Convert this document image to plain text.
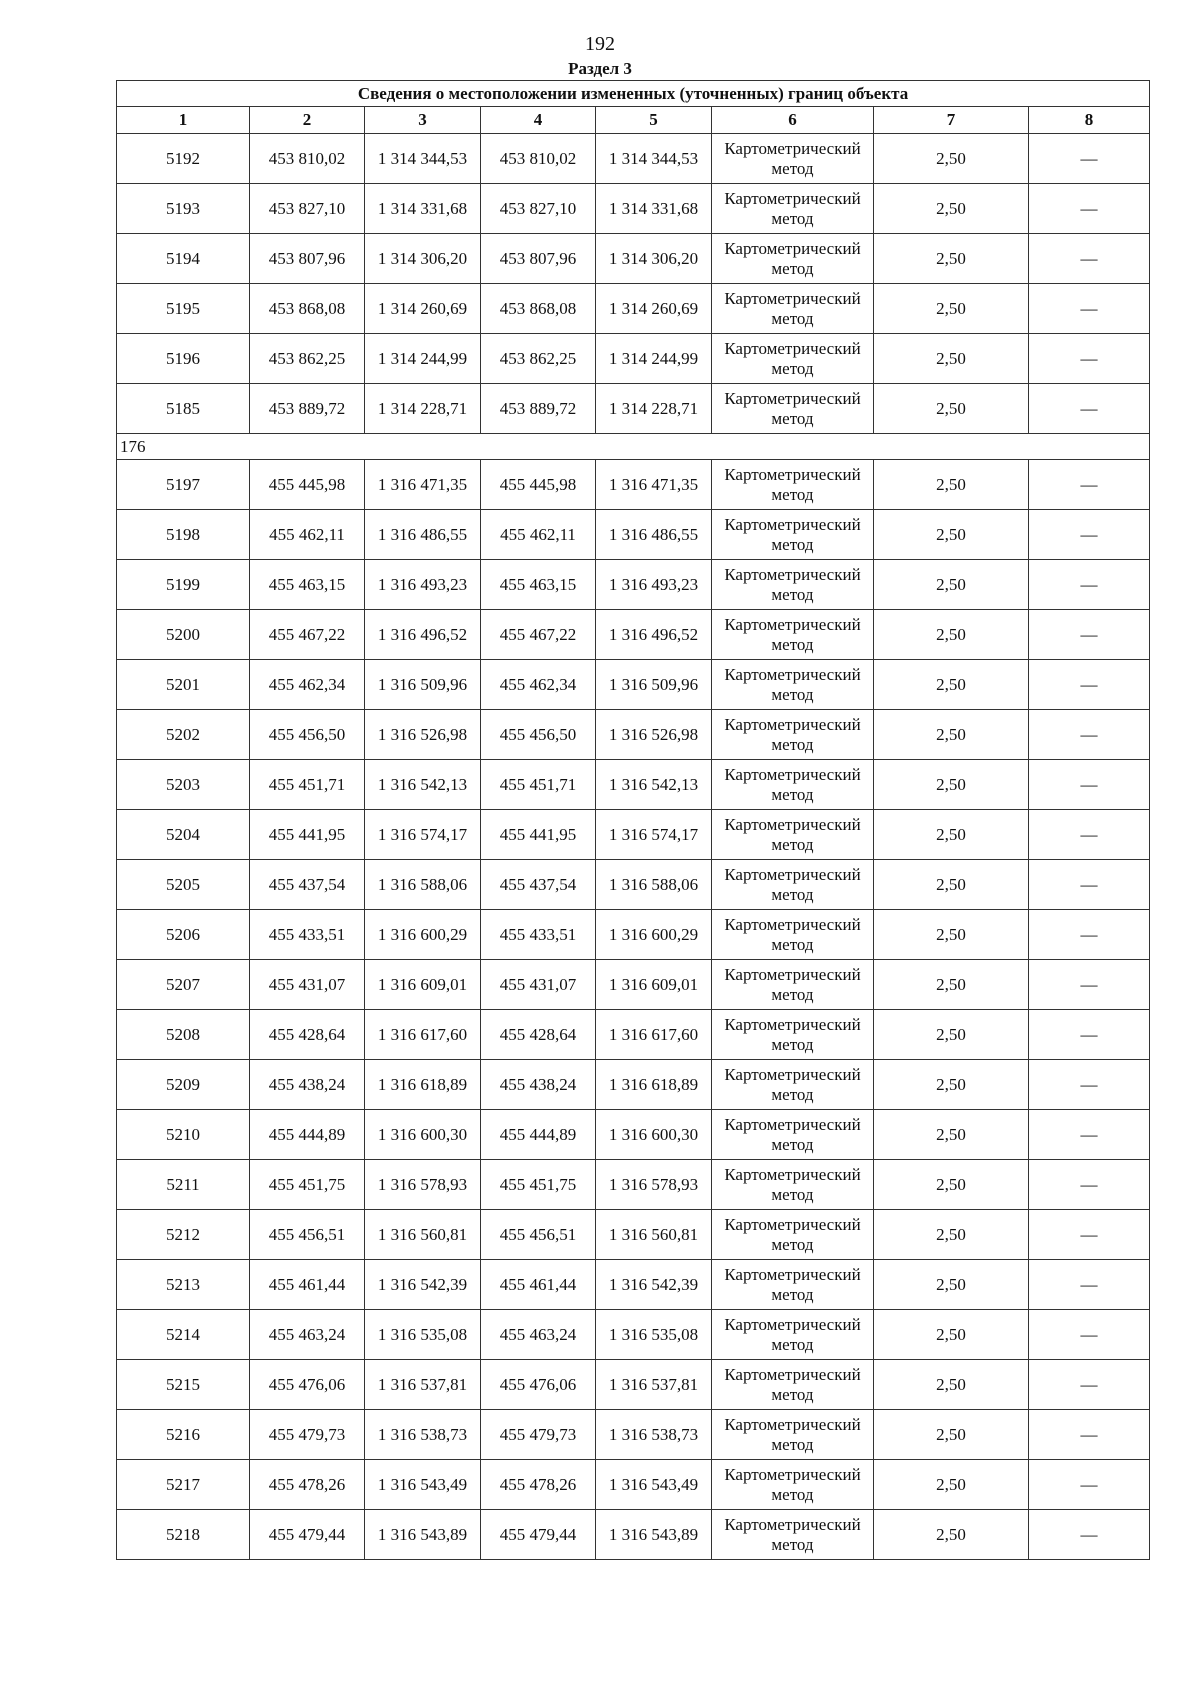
192
Раздел 3
Сведения о местоположении измененных (уточненных) границ объекта							
1	2	3	4	5	6	7	8
5192	453 810,02	1 314 344,53	453 810,02	1 314 344,53	Картометрический метод	2,50	—
5193	453 827,10	1 314 331,68	453 827,10	1 314 331,68	Картометрический метод	2,50	—
5194	453 807,96	1 314 306,20	453 807,96	1 314 306,20	Картометрический метод	2,50	—
5195	453 868,08	1 314 260,69	453 868,08	1 314 260,69	Картометрический метод	2,50	—
5196	453 862,25	1 314 244,99	453 862,25	1 314 244,99	Картометрический метод	2,50	—
5185	453 889,72	1 314 228,71	453 889,72	1 314 228,71	Картометрический метод	2,50	—
176							
5197	455 445,98	1 316 471,35	455 445,98	1 316 471,35	Картометрический метод	2,50	—
5198	455 462,11	1 316 486,55	455 462,11	1 316 486,55	Картометрический метод	2,50	—
5199	455 463,15	1 316 493,23	455 463,15	1 316 493,23	Картометрический метод	2,50	—
5200	455 467,22	1 316 496,52	455 467,22	1 316 496,52	Картометрический метод	2,50	—
5201	455 462,34	1 316 509,96	455 462,34	1 316 509,96	Картометрический метод	2,50	—
5202	455 456,50	1 316 526,98	455 456,50	1 316 526,98	Картометрический метод	2,50	—
5203	455 451,71	1 316 542,13	455 451,71	1 316 542,13	Картометрический метод	2,50	—
5204	455 441,95	1 316 574,17	455 441,95	1 316 574,17	Картометрический метод	2,50	—
5205	455 437,54	1 316 588,06	455 437,54	1 316 588,06	Картометрический метод	2,50	—
5206	455 433,51	1 316 600,29	455 433,51	1 316 600,29	Картометрический метод	2,50	—
5207	455 431,07	1 316 609,01	455 431,07	1 316 609,01	Картометрический метод	2,50	—
5208	455 428,64	1 316 617,60	455 428,64	1 316 617,60	Картометрический метод	2,50	—
5209	455 438,24	1 316 618,89	455 438,24	1 316 618,89	Картометрический метод	2,50	—
5210	455 444,89	1 316 600,30	455 444,89	1 316 600,30	Картометрический метод	2,50	—
5211	455 451,75	1 316 578,93	455 451,75	1 316 578,93	Картометрический метод	2,50	—
5212	455 456,51	1 316 560,81	455 456,51	1 316 560,81	Картометрический метод	2,50	—
5213	455 461,44	1 316 542,39	455 461,44	1 316 542,39	Картометрический метод	2,50	—
5214	455 463,24	1 316 535,08	455 463,24	1 316 535,08	Картометрический метод	2,50	—
5215	455 476,06	1 316 537,81	455 476,06	1 316 537,81	Картометрический метод	2,50	—
5216	455 479,73	1 316 538,73	455 479,73	1 316 538,73	Картометрический метод	2,50	—
5217	455 478,26	1 316 543,49	455 478,26	1 316 543,49	Картометрический метод	2,50	—
5218	455 479,44	1 316 543,89	455 479,44	1 316 543,89	Картометрический метод	2,50	—
